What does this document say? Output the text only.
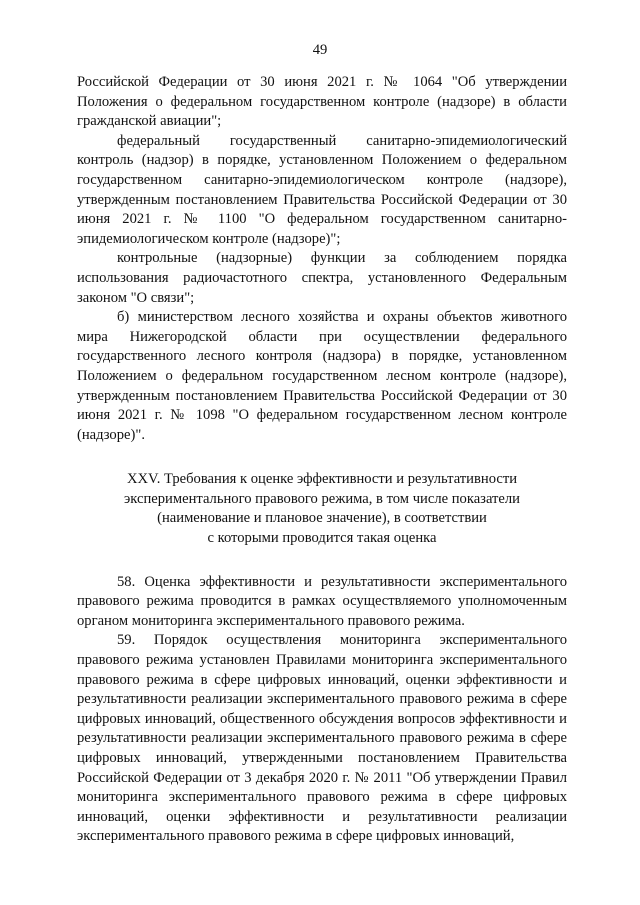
49

Российской Федерации от 30 июня 2021 г. № 1064 "Об утверждении Положения о федеральном государственном контроле (надзоре) в области гражданской авиации";

федеральный государственный санитарно-эпидемиологический контроль (надзор) в порядке, установленном Положением о федеральном государственном санитарно-эпидемиологическом контроле (надзоре), утвержденным постановлением Правительства Российской Федерации от 30 июня 2021 г. № 1100 "О федеральном государственном санитарно-эпидемиологическом контроле (надзоре)";

контрольные (надзорные) функции за соблюдением порядка использования радиочастотного спектра, установленного Федеральным законом "О связи";

б) министерством лесного хозяйства и охраны объектов животного мира Нижегородской области при осуществлении федерального государственного лесного контроля (надзора) в порядке, установленном Положением о федеральном государственном лесном контроле (надзоре), утвержденным постановлением Правительства Российской Федерации от 30 июня 2021 г. № 1098 "О федеральном государственном лесном контроле (надзоре)".

XXV. Требования к оценке эффективности и результативности
экспериментального правового режима, в том числе показатели
(наименование и плановое значение), в соответствии
с которыми проводится такая оценка

58. Оценка эффективности и результативности экспериментального правового режима проводится в рамках осуществляемого уполномоченным органом мониторинга экспериментального правового режима.

59. Порядок осуществления мониторинга экспериментального правового режима установлен Правилами мониторинга экспериментального правового режима в сфере цифровых инноваций, оценки эффективности и результативности реализации экспериментального правового режима в сфере цифровых инноваций, общественного обсуждения вопросов эффективности и результативности реализации экспериментального правового режима в сфере цифровых инноваций, утвержденными постановлением Правительства Российской Федерации от 3 декабря 2020 г. № 2011 "Об утверждении Правил мониторинга экспериментального правового режима в сфере цифровых инноваций, оценки эффективности и результативности реализации экспериментального правового режима в сфере цифровых инноваций,
